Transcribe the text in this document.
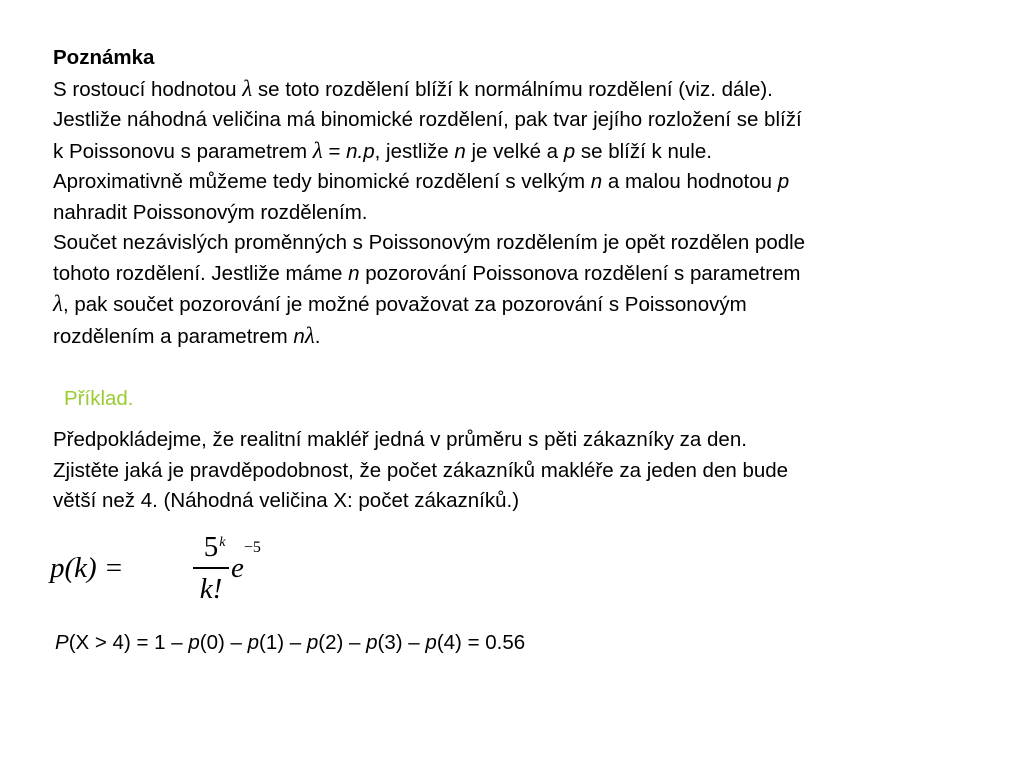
Poznámka
S rostoucí hodnotou λ se toto rozdělení blíží k normálnímu rozdělení (viz. dále).
Jestliže náhodná veličina má binomické rozdělení, pak tvar jejího rozložení se blíží
k Poissonovu s parametrem λ = n.p, jestliže n je velké a p se blíží k nule.
Aproximativně můžeme tedy binomické rozdělení s velkým n a malou hodnotou p
nahradit Poissonovým rozdělením.
Součet nezávislých proměnných s Poissonovým rozdělením je opět rozdělen podle
tohoto rozdělení. Jestliže máme n pozorování Poissonova rozdělení s parametrem
λ, pak součet pozorování je možné považovat za pozorování s Poissonovým
rozdělením a parametrem nλ.
Příklad.
Předpokládejme, že realitní makléř jedná v průměru s pěti zákazníky za den.
Zjistěte jaká je pravděpodobnost, že počet zákazníků makléře za jeden den bude
větší než 4. (Náhodná veličina X: počet zákazníků.)
p(k) =
5 k
k!
$e^{-5}$
P(X > 4) = 1 – p(0) – p(1) – p(2) – p(3) – p(4) = 0.56
